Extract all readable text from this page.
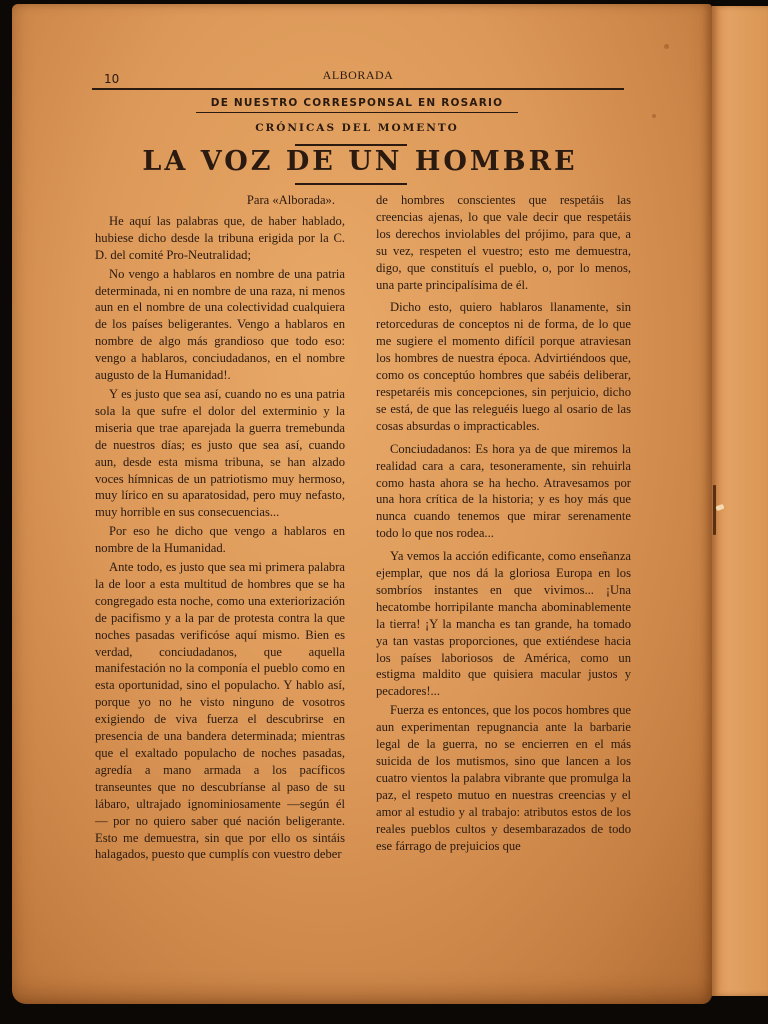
10	ALBORADA
DE NUESTRO CORRESPONSAL EN ROSARIO
CRÓNICAS DEL MOMENTO
LA VOZ DE UN HOMBRE

Para «Alborada».

He aquí las palabras que, de haber hablado, hubiese dicho desde la tribuna erigida por la C. D. del comité Pro-Neutralidad;

No vengo a hablaros en nombre de una patria determinada, ni en nombre de una raza, ni menos aun en el nombre de una colectividad cualquiera de los países beligerantes. Vengo a hablaros en nombre de algo más grandioso que todo eso: vengo a hablaros, conciudadanos, en el nombre augusto de la Humanidad!.

Y es justo que sea así, cuando no es una patria sola la que sufre el dolor del exterminio y la miseria que trae aparejada la guerra tremebunda de nuestros días; es justo que sea así, cuando aun, desde esta misma tribuna, se han alzado voces hímnicas de un patriotismo muy hermoso, muy lírico en su aparatosidad, pero muy nefasto, muy horrible en sus consecuencias...

Por eso he dicho que vengo a hablaros en nombre de la Humanidad.

Ante todo, es justo que sea mi primera palabra la de loor a esta multitud de hombres que se ha congregado esta noche, como una exteriorización de pacifismo y a la par de protesta contra la que noches pasadas verificóse aquí mismo. Bien es verdad, conciudadanos, que aquella manifestación no la componía el pueblo como en esta oportunidad, sino el populacho. Y hablo así, porque yo no he visto ninguno de vosotros exigiendo de viva fuerza el descubrirse en presencia de una bandera determinada; mientras que el exaltado populacho de noches pasadas, agredía a mano armada a los pacíficos transeuntes que no descubríanse al paso de su lábaro, ultrajado ignominiosamente —según él — por no quiero saber qué nación beligerante. Esto me demuestra, sin que por ello os sintáis halagados, puesto que cumplís con vuestro deber

de hombres conscientes que respetáis las creencias ajenas, lo que vale decir que respetáis los derechos inviolables del prójimo, para que, a su vez, respeten el vuestro; esto me demuestra, digo, que constituís el pueblo, o, por lo menos, una parte principalísima de él.

Dicho esto, quiero hablaros llanamente, sin retorceduras de conceptos ni de forma, de lo que me sugiere el momento difícil porque atraviesan los hombres de nuestra época. Advirtiéndoos que, como os conceptúo hombres que sabéis deliberar, respetaréis mis concepciones, sin perjuicio, dicho se está, de que las releguéis luego al osario de las cosas absurdas o impracticables.

Conciudadanos: Es hora ya de que miremos la realidad cara a cara, tesoneramente, sin rehuirla como hasta ahora se ha hecho. Atravesamos por una hora crítica de la historia; y es hoy más que nunca cuando tenemos que mirar serenamente todo lo que nos rodea...

Ya vemos la acción edificante, como enseñanza ejemplar, que nos dá la gloriosa Europa en los sombríos instantes en que vivimos... ¡Una hecatombe horripilante mancha abominablemente la tierra! ¡Y la mancha es tan grande, ha tomado ya tan vastas proporciones, que extiéndese hacia los países laboriosos de América, como un estigma maldito que quisiera macular justos y pecadores!...

Fuerza es entonces, que los pocos hombres que aun experimentan repugnancia ante la barbarie legal de la guerra, no se encierren en el más suicida de los mutismos, sino que lancen a los cuatro vientos la palabra vibrante que promulga la paz, el respeto mutuo en nuestras creencias y el amor al estudio y al trabajo: atributos estos de los reales pueblos cultos y desembarazados de todo ese fárrago de prejuicios que
